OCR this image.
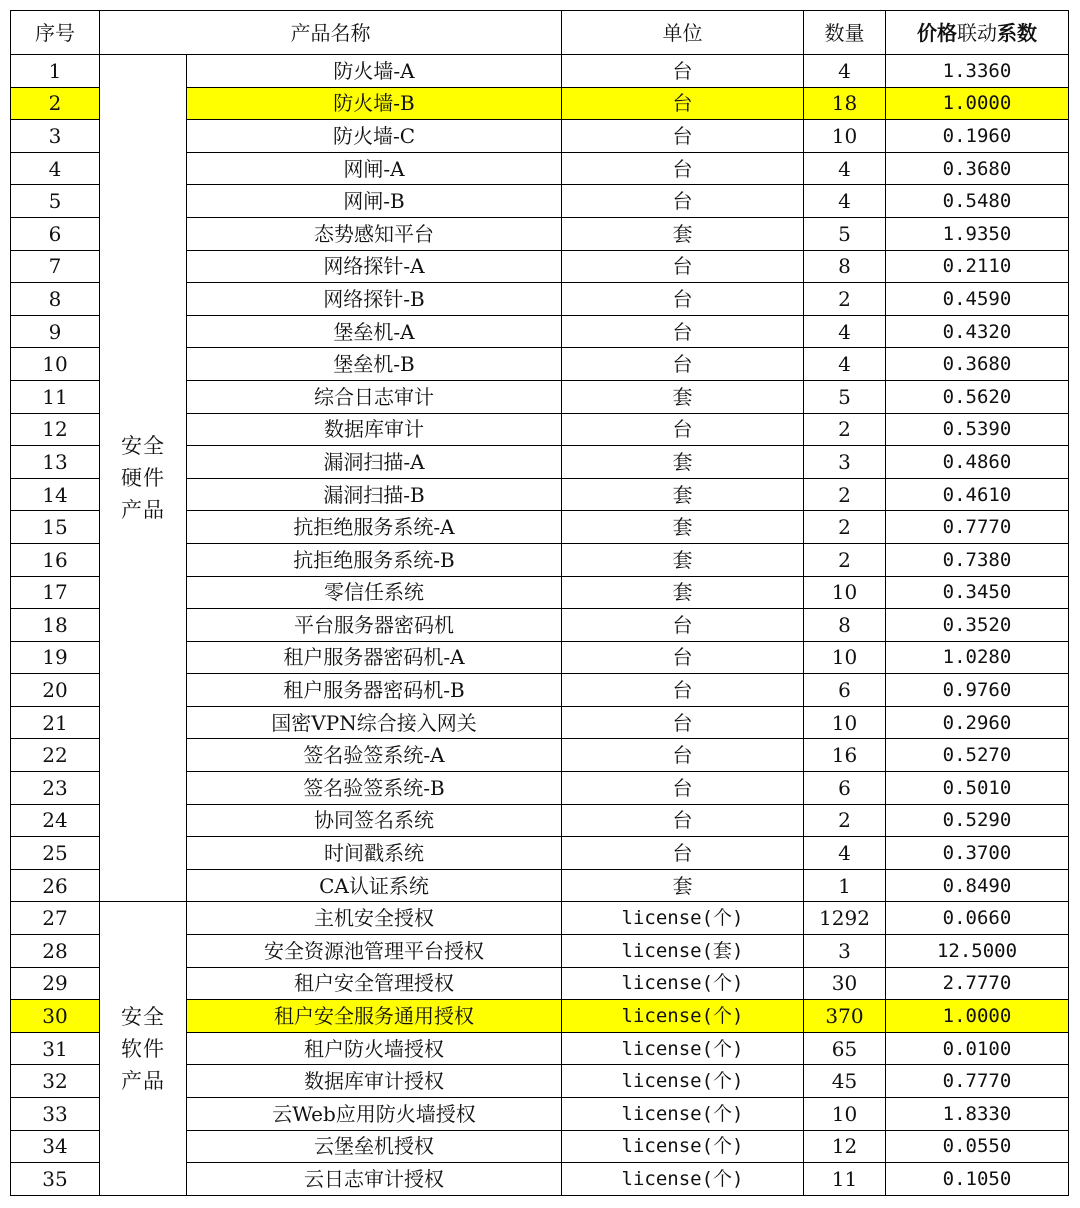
序号	产品名称		单位	数量	价格联动系数
1	安全
硬件
产品	防火墙-A	台	4	1.3360
2		防火墙-B	台	18	1.0000
3		防火墙-C	台	10	0.1960
4		网闸-A	台	4	0.3680
5		网闸-B	台	4	0.5480
6		态势感知平台	套	5	1.9350
7		网络探针-A	台	8	0.2110
8		网络探针-B	台	2	0.4590
9		堡垒机-A	台	4	0.4320
10		堡垒机-B	台	4	0.3680
11		综合日志审计	套	5	0.5620
12		数据库审计	台	2	0.5390
13		漏洞扫描-A	套	3	0.4860
14		漏洞扫描-B	套	2	0.4610
15		抗拒绝服务系统-A	套	2	0.7770
16		抗拒绝服务系统-B	套	2	0.7380
17		零信任系统	套	10	0.3450
18		平台服务器密码机	台	8	0.3520
19		租户服务器密码机-A	台	10	1.0280
20		租户服务器密码机-B	台	6	0.9760
21		国密VPN综合接入网关	台	10	0.2960
22		签名验签系统-A	台	16	0.5270
23		签名验签系统-B	台	6	0.5010
24		协同签名系统	台	2	0.5290
25		时间戳系统	台	4	0.3700
26		CA认证系统	套	1	0.8490
27	安全
软件
产品	主机安全授权	license(个)	1292	0.0660
28		安全资源池管理平台授权	license(套)	3	12.5000
29		租户安全管理授权	license(个)	30	2.7770
30		租户安全服务通用授权	license(个)	370	1.0000
31		租户防火墙授权	license(个)	65	0.0100
32		数据库审计授权	license(个)	45	0.7770
33		云Web应用防火墙授权	license(个)	10	1.8330
34		云堡垒机授权	license(个)	12	0.0550
35		云日志审计授权	license(个)	11	0.1050
